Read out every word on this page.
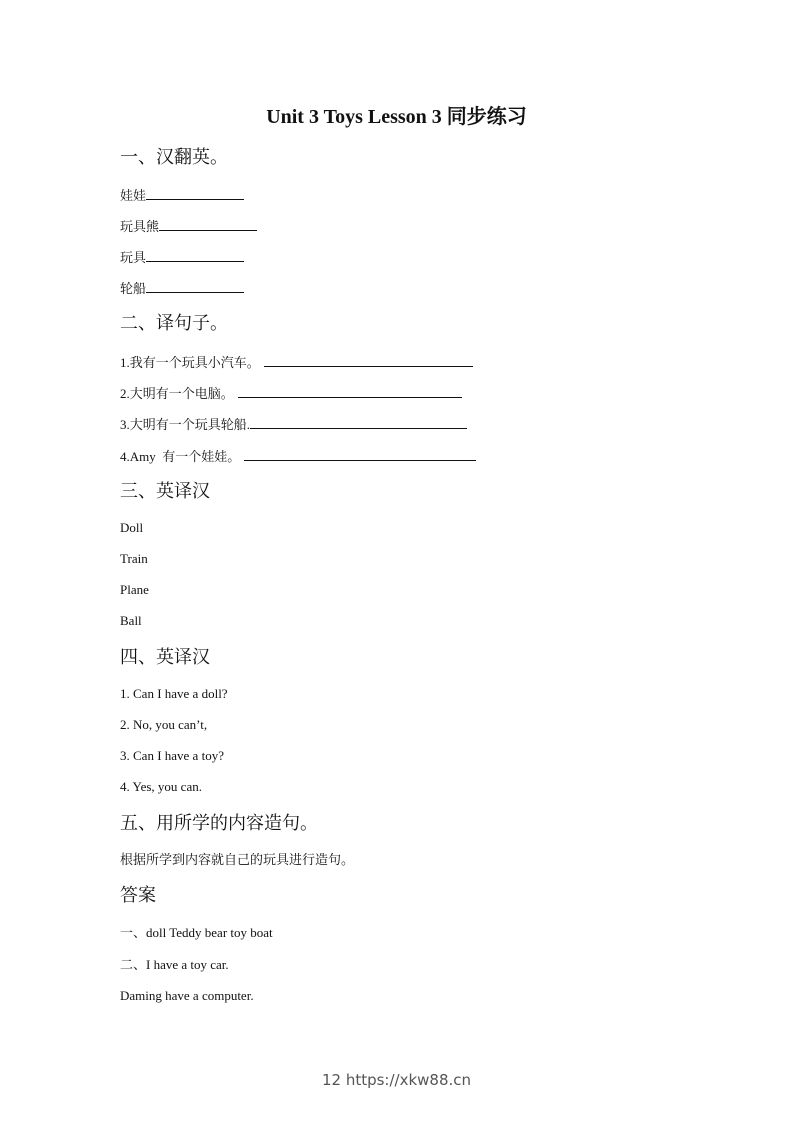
Unit 3 Toys Lesson 3 同步练习
一、汉翻英。
娃娃
玩具熊
玩具
轮船
二、译句子。
1.我有一个玩具小汽车。
2.大明有一个电脑。
3.大明有一个玩具轮船.
4.Amy  有一个娃娃。
三、英译汉
Doll
Train
Plane
Ball
四、英译汉
1. Can I have a doll?
2. No, you can’t,
3. Can I have a toy?
4. Yes, you can.
五、用所学的内容造句。
根据所学到内容就自己的玩具进行造句。
答案
一、doll Teddy bear toy boat
二、I have a toy car.
Daming have a computer.
12 https://xkw88.cn
